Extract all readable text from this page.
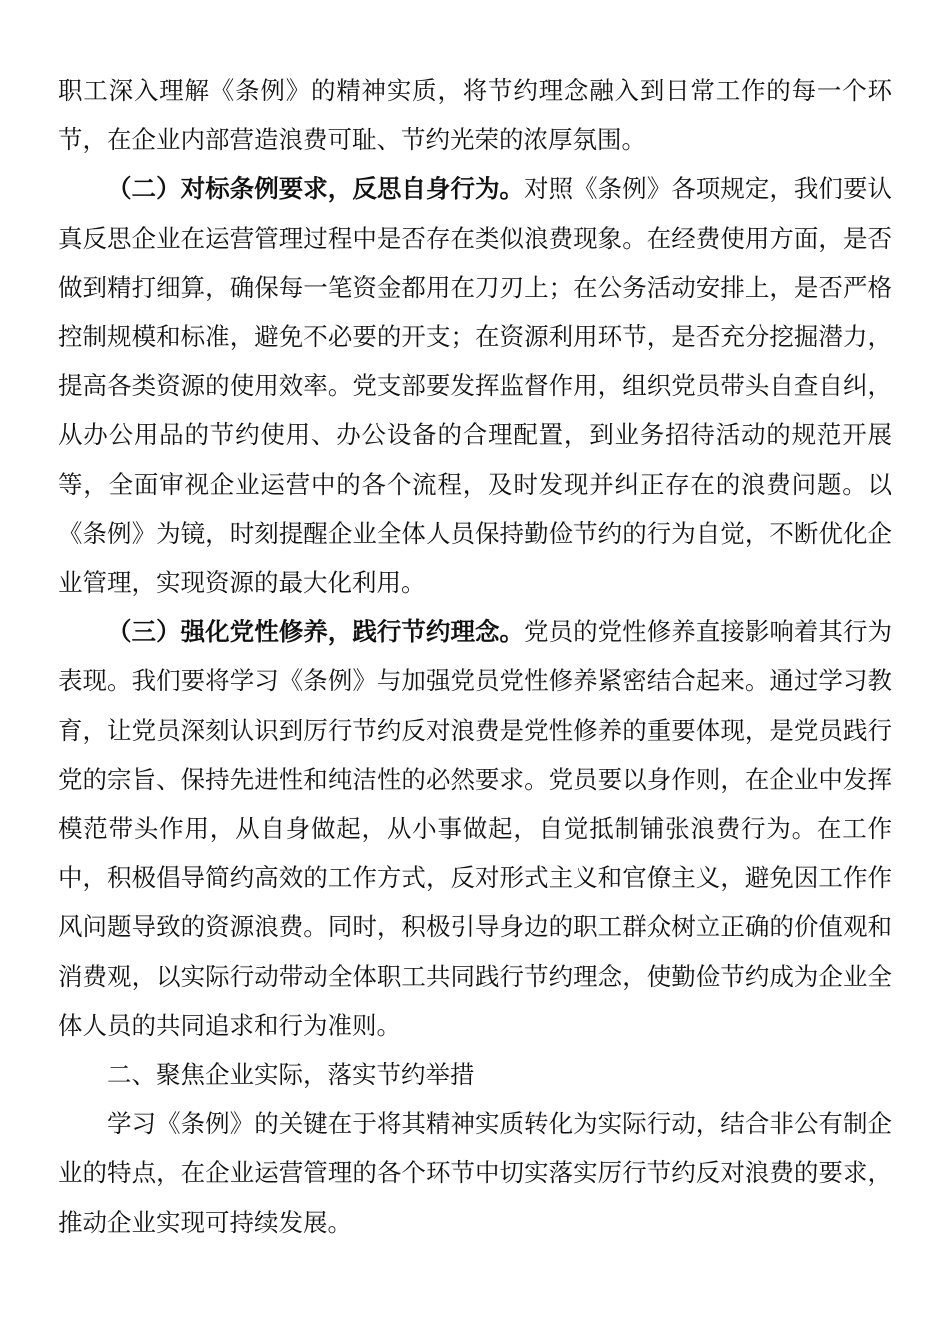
职工深入理解《条例》的精神实质，将节约理念融入到日常工作的每一个环节，在企业内部营造浪费可耻、节约光荣的浓厚氛围。

（二）对标条例要求，反思自身行为。对照《条例》各项规定，我们要认真反思企业在运营管理过程中是否存在类似浪费现象。在经费使用方面，是否做到精打细算，确保每一笔资金都用在刀刃上；在公务活动安排上，是否严格控制规模和标准，避免不必要的开支；在资源利用环节，是否充分挖掘潜力，提高各类资源的使用效率。党支部要发挥监督作用，组织党员带头自查自纠，从办公用品的节约使用、办公设备的合理配置，到业务招待活动的规范开展等，全面审视企业运营中的各个流程，及时发现并纠正存在的浪费问题。以《条例》为镜，时刻提醒企业全体人员保持勤俭节约的行为自觉，不断优化企业管理，实现资源的最大化利用。

（三）强化党性修养，践行节约理念。党员的党性修养直接影响着其行为表现。我们要将学习《条例》与加强党员党性修养紧密结合起来。通过学习教育，让党员深刻认识到厉行节约反对浪费是党性修养的重要体现，是党员践行党的宗旨、保持先进性和纯洁性的必然要求。党员要以身作则，在企业中发挥模范带头作用，从自身做起，从小事做起，自觉抵制铺张浪费行为。在工作中，积极倡导简约高效的工作方式，反对形式主义和官僚主义，避免因工作作风问题导致的资源浪费。同时，积极引导身边的职工群众树立正确的价值观和消费观，以实际行动带动全体职工共同践行节约理念，使勤俭节约成为企业全体人员的共同追求和行为准则。

二、聚焦企业实际，落实节约举措

学习《条例》的关键在于将其精神实质转化为实际行动，结合非公有制企业的特点，在企业运营管理的各个环节中切实落实厉行节约反对浪费的要求，推动企业实现可持续发展。
